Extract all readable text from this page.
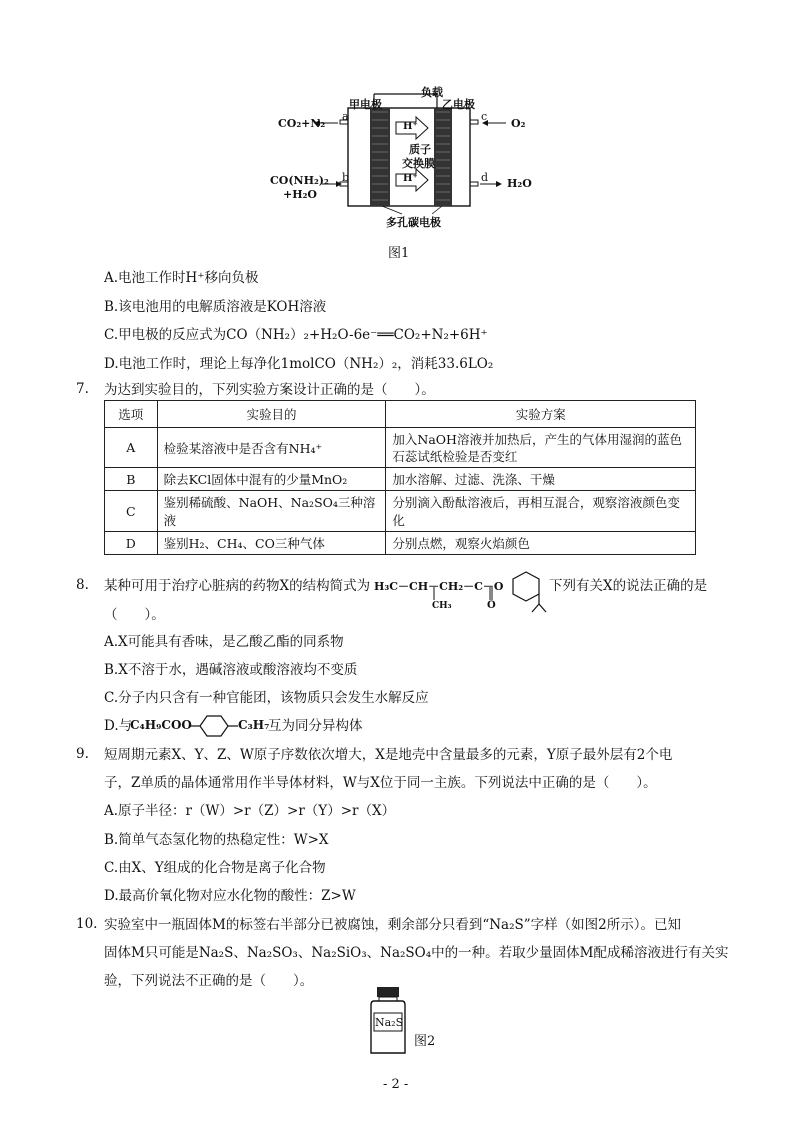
负载
甲电极	乙电极
a
b
c
d
CO₂+N₂
CO(NH₂)₂
+H₂O
O₂
H₂O
H⁺
H⁺
质子
交换膜
多孔碳电极
图1
A.电池工作时H⁺移向负极
B.该电池用的电解质溶液是KOH溶液
C.甲电极的反应式为CO（NH₂）₂+H₂O-6e⁻══CO₂+N₂+6H⁺
D.电池工作时，理论上每净化1molCO（NH₂）₂，消耗33.6LO₂
7. 为达到实验目的，下列实验方案设计正确的是（　　）。
选项	实验目的	实验方案
A	检验某溶液中是否含有NH₄⁺	加入NaOH溶液并加热后，产生的气体用湿润的蓝色石蕊试纸检验是否变红
B	除去KCl固体中混有的少量MnO₂	加水溶解、过滤、洗涤、干燥
C	鉴别稀硫酸、NaOH、Na₂SO₄三种溶液	分别滴入酚酞溶液后，再相互混合，观察溶液颜色变化
D	鉴别H₂、CH₄、CO三种气体	分别点燃，观察火焰颜色
8. 某种可用于治疗心脏病的药物X的结构简式为 H₃C－CH－CH₂－C－O
CH₃	O
下列有关X的说法正确的是
（　　）。
A.X可能具有香味，是乙酸乙酯的同系物
B.X不溶于水，遇碱溶液或酸溶液均不变质
C.分子内只含有一种官能团，该物质只会发生水解反应
D.与
C₄H₉COO	C₃H₇
互为同分异构体
9. 短周期元素X、Y、Z、W原子序数依次增大，X是地壳中含量最多的元素，Y原子最外层有2个电
子，Z单质的晶体通常用作半导体材料，W与X位于同一主族。下列说法中正确的是（　　）。
A.原子半径：r（W）>r（Z）>r（Y）>r（X）
B.简单气态氢化物的热稳定性：W>X
C.由X、Y组成的化合物是离子化合物
D.最高价氧化物对应水化物的酸性：Z>W
10. 实验室中一瓶固体M的标签右半部分已被腐蚀，剩余部分只看到“Na₂S”字样（如图2所示）。已知
固体M只可能是Na₂S、Na₂SO₃、Na₂SiO₃、Na₂SO₄中的一种。若取少量固体M配成稀溶液进行有关实
验，下列说法不正确的是（　　）。
Na₂S
图2
- 2 -
